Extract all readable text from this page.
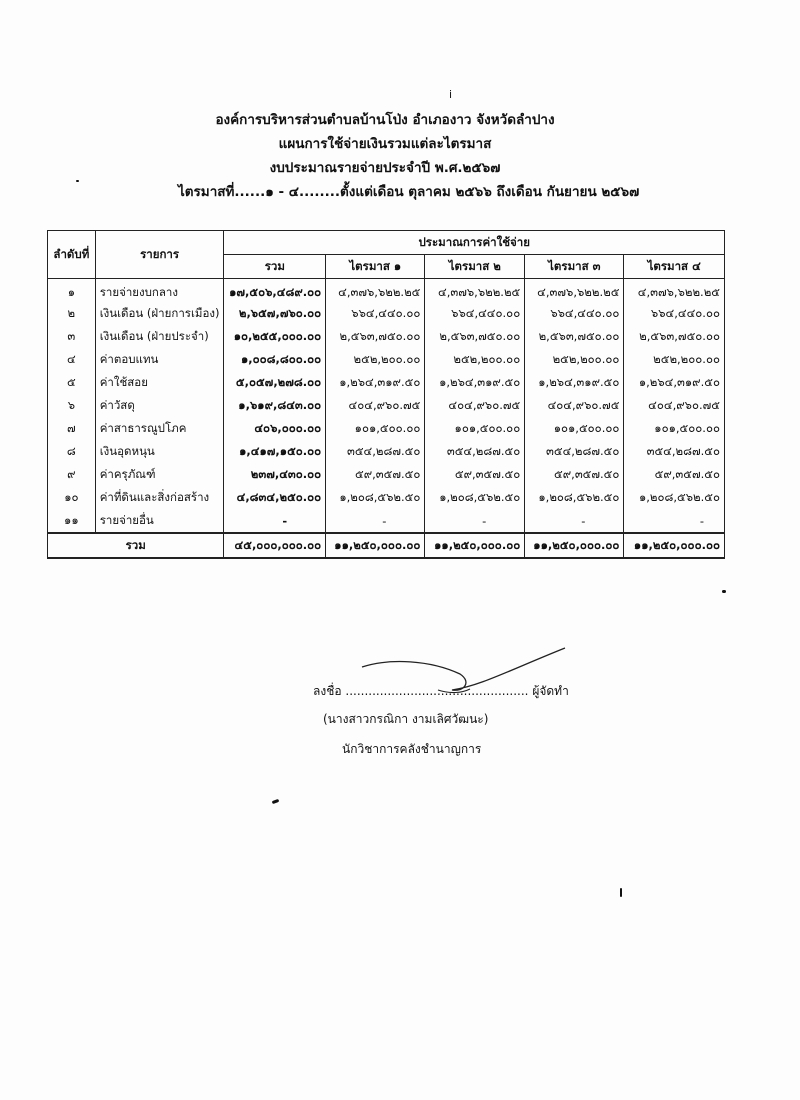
i
องค์การบริหารส่วนตำบลบ้านโป่ง อำเภองาว จังหวัดลำปาง
แผนการใช้จ่ายเงินรวมแต่ละไตรมาส
งบประมาณรายจ่ายประจำปี พ.ศ.๒๕๖๗
ไตรมาสที่......๑ - ๔........ตั้งแต่เดือน ตุลาคม ๒๕๖๖ ถึงเดือน กันยายน ๒๕๖๗
ลำดับที่	รายการ	ประมาณการค่าใช้จ่าย				
		รวม	ไตรมาส ๑	ไตรมาส ๒	ไตรมาส ๓	ไตรมาส ๔
๑	รายจ่ายงบกลาง	๑๗,๕๐๖,๔๘๙.๐๐	๔,๓๗๖,๖๒๒.๒๕	๔,๓๗๖,๖๒๒.๒๕	๔,๓๗๖,๖๒๒.๒๕	๔,๓๗๖,๖๒๒.๒๕
๒	เงินเดือน (ฝ่ายการเมือง)	๒,๖๕๗,๗๖๐.๐๐	๖๖๔,๔๔๐.๐๐	๖๖๔,๔๔๐.๐๐	๖๖๔,๔๔๐.๐๐	๖๖๔,๔๔๐.๐๐
๓	เงินเดือน (ฝ่ายประจำ)	๑๐,๒๕๕,๐๐๐.๐๐	๒,๕๖๓,๗๕๐.๐๐	๒,๕๖๓,๗๕๐.๐๐	๒,๕๖๓,๗๕๐.๐๐	๒,๕๖๓,๗๕๐.๐๐
๔	ค่าตอบแทน	๑,๐๐๘,๘๐๐.๐๐	๒๕๒,๒๐๐.๐๐	๒๕๒,๒๐๐.๐๐	๒๕๒,๒๐๐.๐๐	๒๕๒,๒๐๐.๐๐
๕	ค่าใช้สอย	๕,๐๕๗,๒๗๘.๐๐	๑,๒๖๔,๓๑๙.๕๐	๑,๒๖๔,๓๑๙.๕๐	๑,๒๖๔,๓๑๙.๕๐	๑,๒๖๔,๓๑๙.๕๐
๖	ค่าวัสดุ	๑,๖๑๙,๘๔๓.๐๐	๔๐๔,๙๖๐.๗๕	๔๐๔,๙๖๐.๗๕	๔๐๔,๙๖๐.๗๕	๔๐๔,๙๖๐.๗๕
๗	ค่าสาธารณูปโภค	๔๐๖,๐๐๐.๐๐	๑๐๑,๕๐๐.๐๐	๑๐๑,๕๐๐.๐๐	๑๐๑,๕๐๐.๐๐	๑๐๑,๕๐๐.๐๐
๘	เงินอุดหนุน	๑,๔๑๗,๑๕๐.๐๐	๓๕๔,๒๘๗.๕๐	๓๕๔,๒๘๗.๕๐	๓๕๔,๒๘๗.๕๐	๓๕๔,๒๘๗.๕๐
๙	ค่าครุภัณฑ์	๒๓๗,๔๓๐.๐๐	๕๙,๓๕๗.๕๐	๕๙,๓๕๗.๕๐	๕๙,๓๕๗.๕๐	๕๙,๓๕๗.๕๐
๑๐	ค่าที่ดินและสิ่งก่อสร้าง	๔,๘๓๔,๒๕๐.๐๐	๑,๒๐๘,๕๖๒.๕๐	๑,๒๐๘,๕๖๒.๕๐	๑,๒๐๘,๕๖๒.๕๐	๑,๒๐๘,๕๖๒.๕๐
๑๑	รายจ่ายอื่น	-	-	-	-	-
รวม		๔๕,๐๐๐,๐๐๐.๐๐	๑๑,๒๕๐,๐๐๐.๐๐	๑๑,๒๕๐,๐๐๐.๐๐	๑๑,๒๕๐,๐๐๐.๐๐	๑๑,๒๕๐,๐๐๐.๐๐
ลงชื่อ ................................................ ผู้จัดทำ
(นางสาวกรณิกา งามเลิศวัฒนะ)
นักวิชาการคลังชำนาญการ
